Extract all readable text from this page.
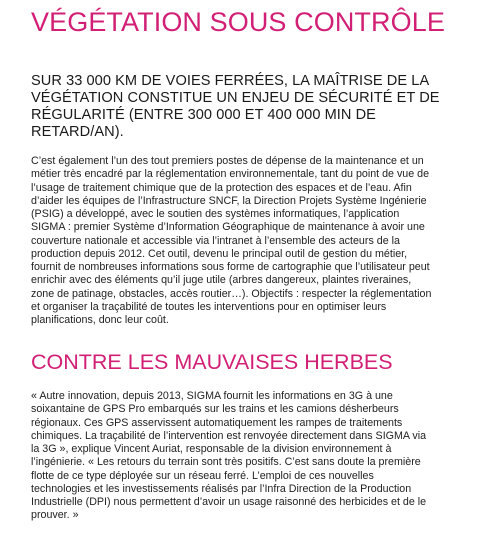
VÉGÉTATION SOUS CONTRÔLE

SUR 33 000 KM DE VOIES FERRÉES, LA MAÎTRISE DE LA
VÉGÉTATION CONSTITUE UN ENJEU DE SÉCURITÉ ET DE
RÉGULARITÉ (ENTRE 300 000 ET 400 000 MIN DE
RETARD/AN).

C’est également l’un des tout premiers postes de dépense de la maintenance et un
métier très encadré par la réglementation environnementale, tant du point de vue de
l’usage de traitement chimique que de la protection des espaces et de l’eau. Afin
d’aider les équipes de l’Infrastructure SNCF, la Direction Projets Système Ingénierie
(PSIG) a développé, avec le soutien des systèmes informatiques, l’application
SIGMA : premier Système d’Information Géographique de maintenance à avoir une
couverture nationale et accessible via l’intranet à l’ensemble des acteurs de la
production depuis 2012. Cet outil, devenu le principal outil de gestion du métier,
fournit de nombreuses informations sous forme de cartographie que l’utilisateur peut
enrichir avec des éléments qu’il juge utile (arbres dangereux, plaintes riveraines,
zone de patinage, obstacles, accès routier…). Objectifs : respecter la réglementation
et organiser la traçabilité de toutes les interventions pour en optimiser leurs
planifications, donc leur coût.

CONTRE LES MAUVAISES HERBES

« Autre innovation, depuis 2013, SIGMA fournit les informations en 3G à une
soixantaine de GPS Pro embarqués sur les trains et les camions désherbeurs
régionaux. Ces GPS asservissent automatiquement les rampes de traitements
chimiques. La traçabilité de l’intervention est renvoyée directement dans SIGMA via
la 3G », explique Vincent Auriat, responsable de la division environnement à
l’ingénierie. « Les retours du terrain sont très positifs. C’est sans doute la première
flotte de ce type déployée sur un réseau ferré. L’emploi de ces nouvelles
technologies et les investissements réalisés par l’Infra Direction de la Production
Industrielle (DPI) nous permettent d’avoir un usage raisonné des herbicides et de le
prouver. »
